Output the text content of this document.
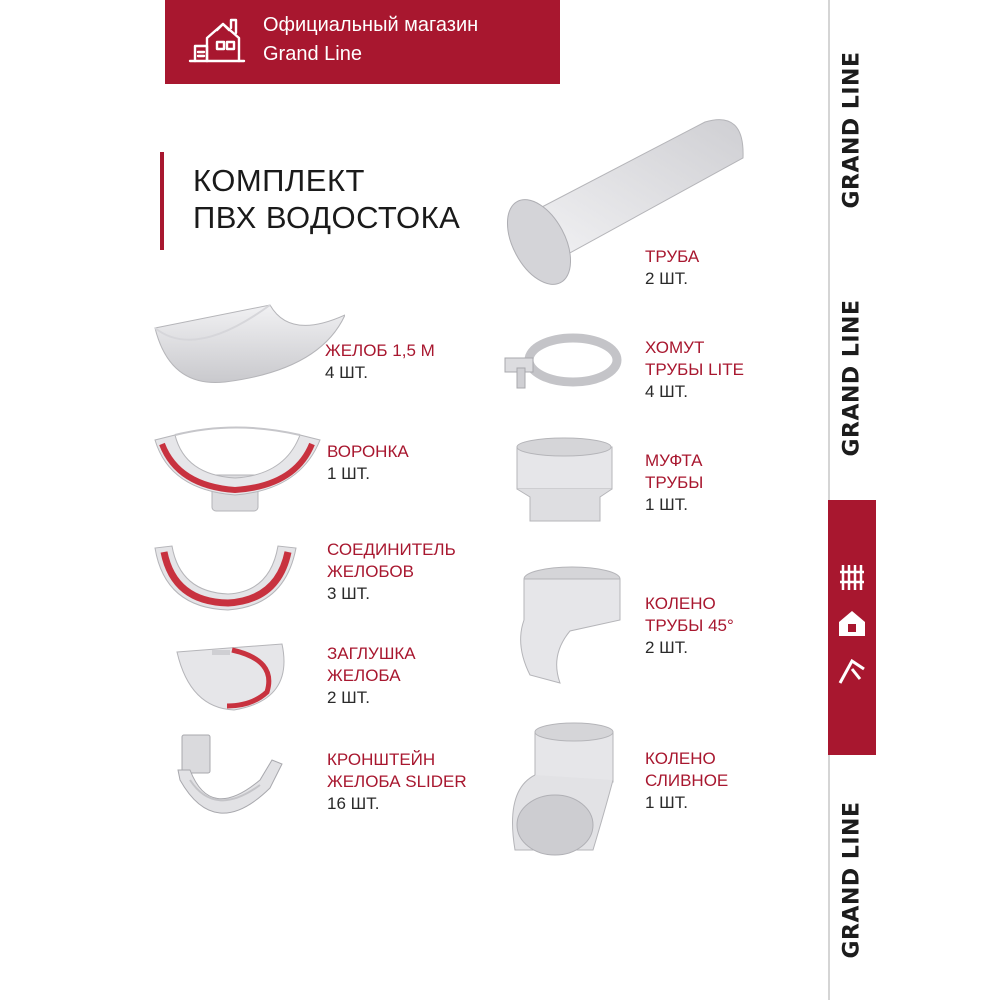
Официальный магазин
Grand Line
КОМПЛЕКТ
ПВХ ВОДОСТОКА
ЖЕЛОБ 1,5 М
4 ШТ.
ВОРОНКА
1 ШТ.
СОЕДИНИТЕЛЬ
ЖЕЛОБОВ
3 ШТ.
ЗАГЛУШКА
ЖЕЛОБА
2 ШТ.
КРОНШТЕЙН
ЖЕЛОБА SLIDER
16 ШТ.
ТРУБА
2 ШТ.
ХОМУТ
ТРУБЫ LITE
4 ШТ.
МУФТА
ТРУБЫ
1 ШТ.
КОЛЕНО
ТРУБЫ 45°
2 ШТ.
КОЛЕНО
СЛИВНОЕ
1 ШТ.
GRAND LINE
GRAND LINE
GRAND LINE
